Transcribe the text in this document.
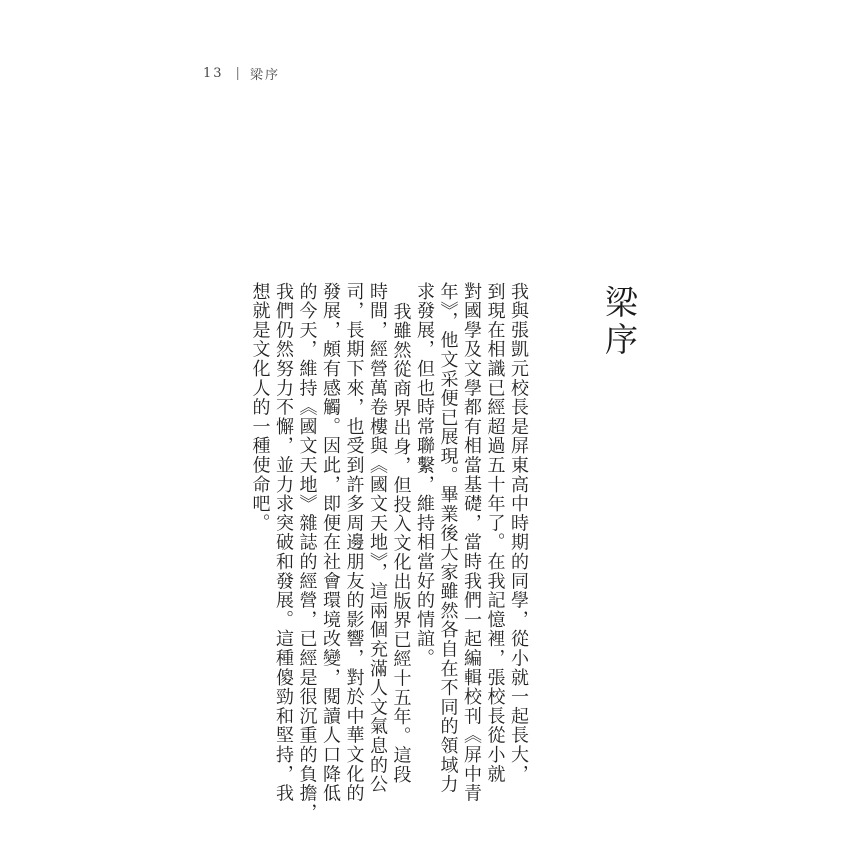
13 | 梁序
梁序
我與張凱元校長是屏東高中時期的同學，從小就一起長大，
到現在相識已經超過五十年了。在我記憶裡，張校長從小就
對國學及文學都有相當基礎，當時我們一起編輯校刊《屏中青
年》，他文采便已展現。畢業後大家雖然各自在不同的領域力
求發展，但也時常聯繫，維持相當好的情誼。
我雖然從商界出身，但投入文化出版界已經十五年。這段
時間，經營萬卷樓與《國文天地》，這兩個充滿人文氣息的公
司，長期下來，也受到許多周邊朋友的影響，對於中華文化的
發展，頗有感觸。因此，即便在社會環境改變，閱讀人口降低
的今天，維持《國文天地》雜誌的經營，已經是很沉重的負擔，
我們仍然努力不懈，並力求突破和發展。這種傻勁和堅持，我
想就是文化人的一種使命吧。
